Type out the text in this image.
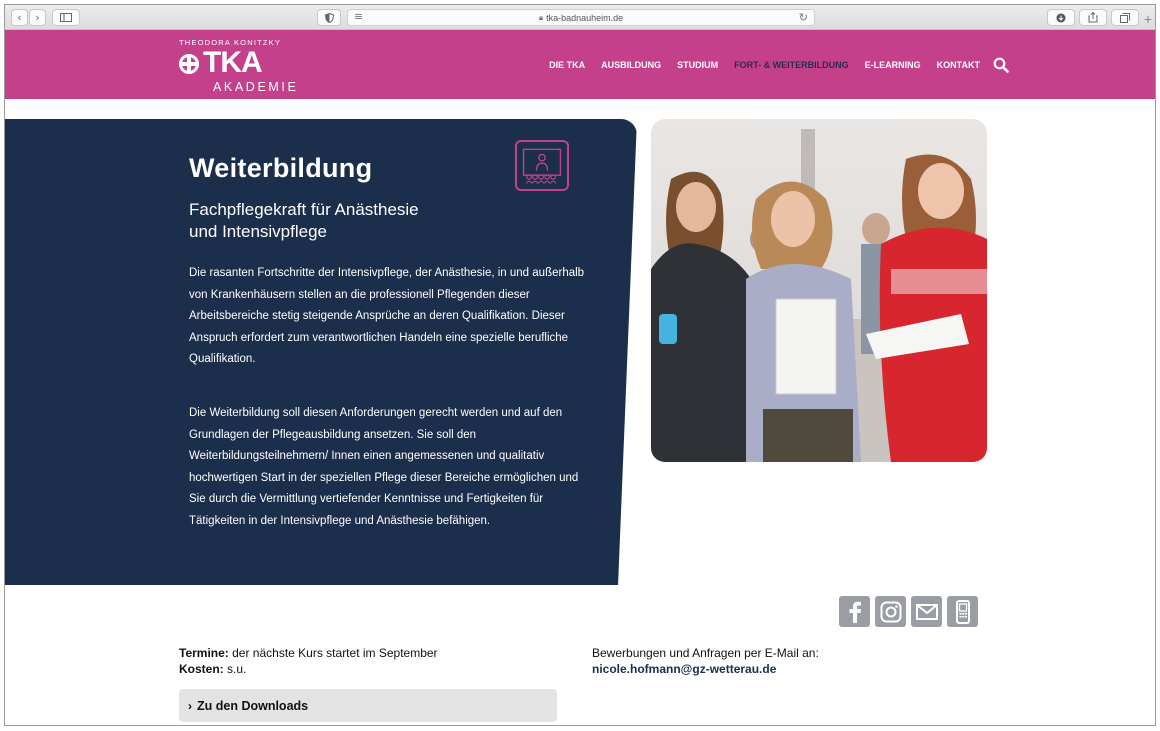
‹	›	≡	🔒︎ tka-badnauheim.de	↻	+
THEODORA KONITZKY
TKA
AKADEMIE
DIE TKA AUSBILDUNG STUDIUM FORT- & WEITERBILDUNG E-LEARNING KONTAKT
Weiterbildung
Fachpflegekraft für Anästhesie
und Intensivpflege

Die rasanten Fortschritte der Intensivpflege, der Anästhesie, in und außerhalb von Krankenhäusern stellen an die professionell Pflegenden dieser Arbeitsbereiche stetig steigende Ansprüche an deren Qualifikation. Dieser Anspruch erfordert zum verantwortlichen Handeln eine spezielle berufliche Qualifikation.

Die Weiterbildung soll diesen Anforderungen gerecht werden und auf den Grundlagen der Pflegeausbildung ansetzen. Sie soll den Weiterbildungsteilnehmern/ Innen einen angemessenen und qualitativ hochwertigen Start in der speziellen Pflege dieser Bereiche ermöglichen und Sie durch die Vermittlung vertiefender Kenntnisse und Fertigkeiten für Tätigkeiten in der Intensivpflege und Anästhesie befähigen.

Termine: der nächste Kurs startet im September
Kosten: s.u.
Bewerbungen und Anfragen per E-Mail an:
nicole.hofmann@gz-wetterau.de
› Zu den Downloads
